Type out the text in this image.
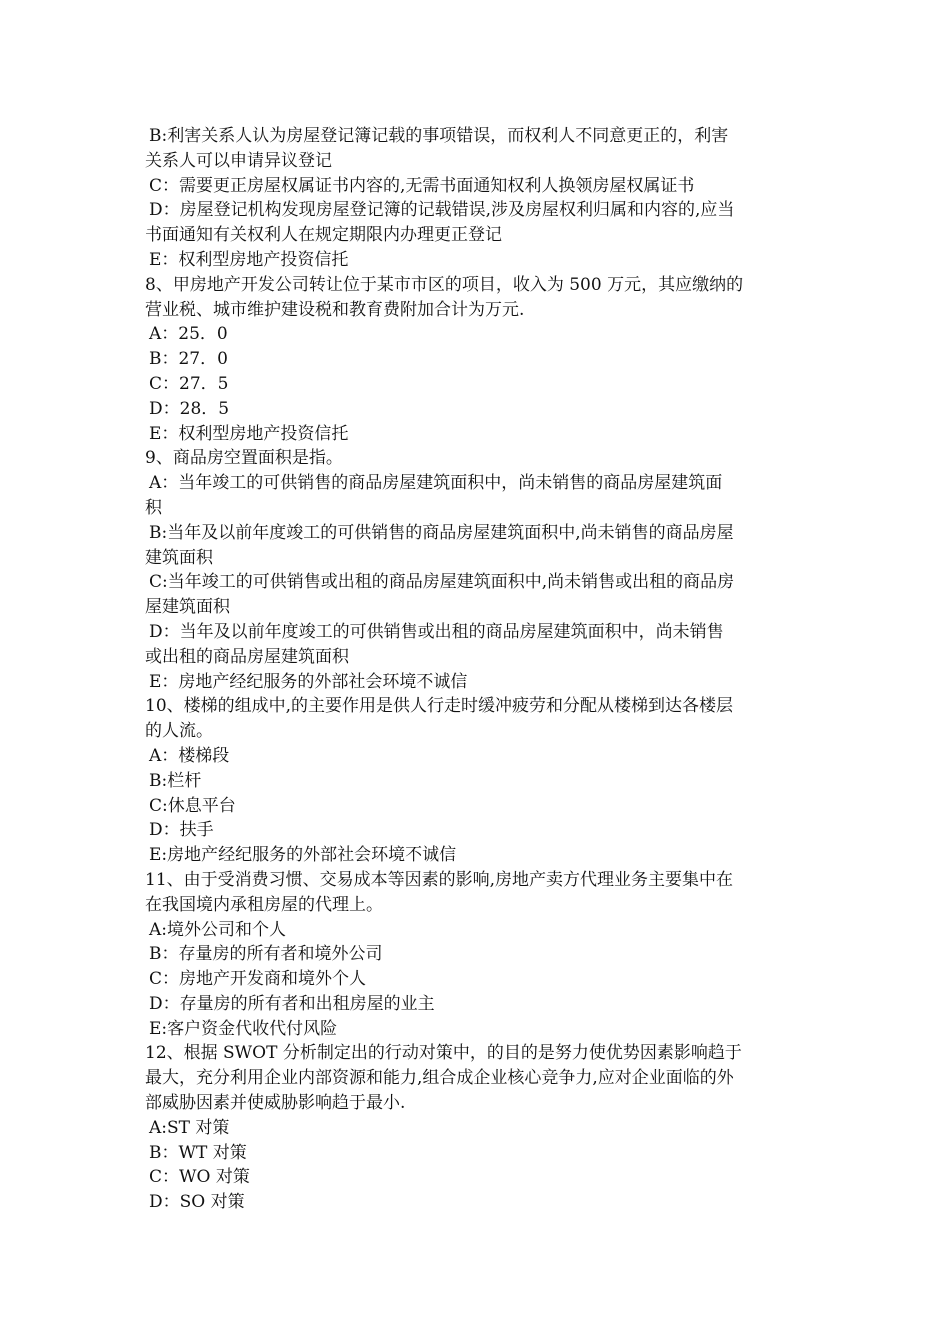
B:利害关系人认为房屋登记簿记载的事项错误，而权利人不同意更正的，利害
关系人可以申请异议登记
C：需要更正房屋权属证书内容的,无需书面通知权利人换领房屋权属证书
D：房屋登记机构发现房屋登记簿的记载错误,涉及房屋权利归属和内容的,应当
书面通知有关权利人在规定期限内办理更正登记
E：权利型房地产投资信托
8、甲房地产开发公司转让位于某市市区的项目，收入为 500 万元，其应缴纳的
营业税、城市维护建设税和教育费附加合计为万元.
A：25．0
B：27．0
C：27．5
D：28．5
E：权利型房地产投资信托
9、商品房空置面积是指。
A：当年竣工的可供销售的商品房屋建筑面积中，尚未销售的商品房屋建筑面
积
B:当年及以前年度竣工的可供销售的商品房屋建筑面积中,尚未销售的商品房屋
建筑面积
C:当年竣工的可供销售或出租的商品房屋建筑面积中,尚未销售或出租的商品房
屋建筑面积
D：当年及以前年度竣工的可供销售或出租的商品房屋建筑面积中，尚未销售
或出租的商品房屋建筑面积
E：房地产经纪服务的外部社会环境不诚信
10、楼梯的组成中,的主要作用是供人行走时缓冲疲劳和分配从楼梯到达各楼层
的人流。
A：楼梯段
B:栏杆
C:休息平台
D：扶手
E:房地产经纪服务的外部社会环境不诚信
11、由于受消费习惯、交易成本等因素的影响,房地产卖方代理业务主要集中在
在我国境内承租房屋的代理上。
A:境外公司和个人
B：存量房的所有者和境外公司
C：房地产开发商和境外个人
D：存量房的所有者和出租房屋的业主
E:客户资金代收代付风险
12、根据 SWOT 分析制定出的行动对策中，的目的是努力使优势因素影响趋于
最大，充分利用企业内部资源和能力,组合成企业核心竞争力,应对企业面临的外
部威胁因素并使威胁影响趋于最小.
A:ST 对策
B：WT 对策
C：WO 对策
D：SO 对策
